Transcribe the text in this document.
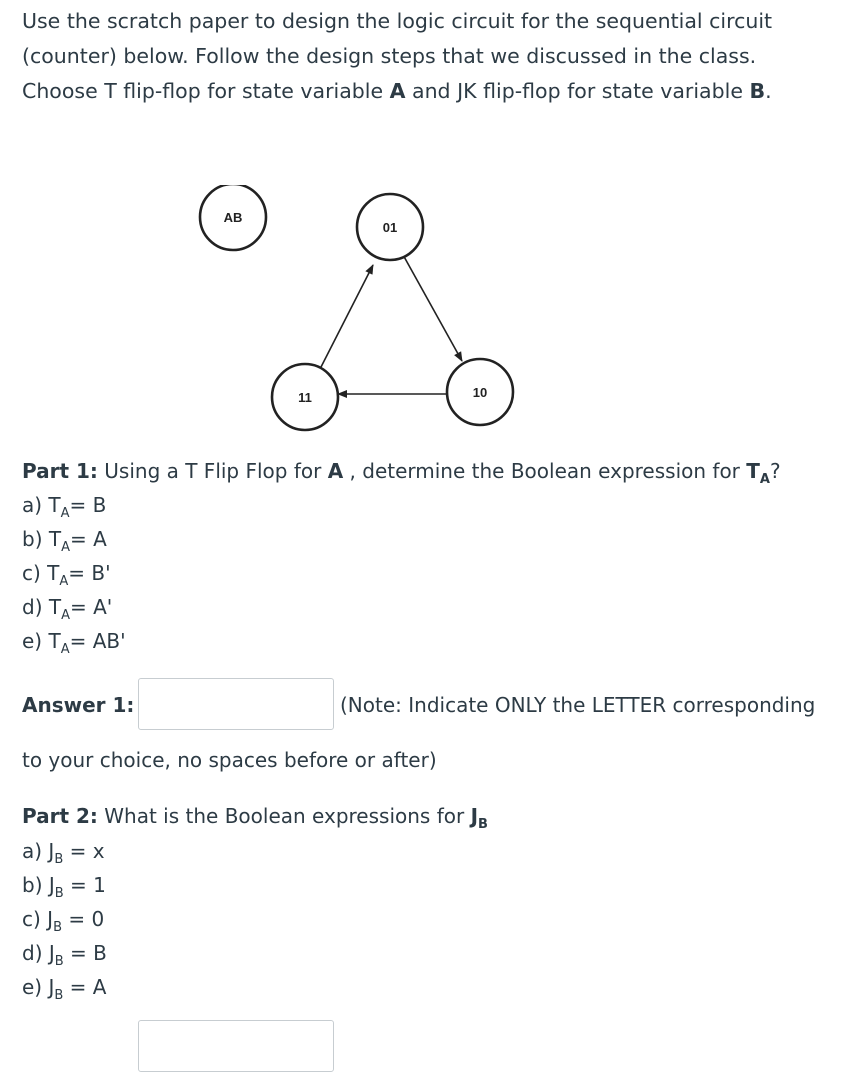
Use the scratch paper to design the logic circuit for the sequential circuit (counter) below. Follow the design steps that we discussed in the class. Choose T flip-flop for state variable A and JK flip-flop for state variable B.

AB
01
10
11

Part 1: Using a T Flip Flop for A , determine the Boolean expression for $T_A$?

a) $T_A= B$
b) $T_A= A$
c) $T_A= B'$
d) $T_A= A'$
e) $T_A= AB'$
Answer 1:	(Note: Indicate ONLY the LETTER corresponding

to your choice, no spaces before or after)

Part 2: What is the Boolean expressions for $J_B$

a) $J_B = x$
b) $J_B = 1$
c) $J_B = 0$
d) $J_B = B$
e) $J_B = A$
